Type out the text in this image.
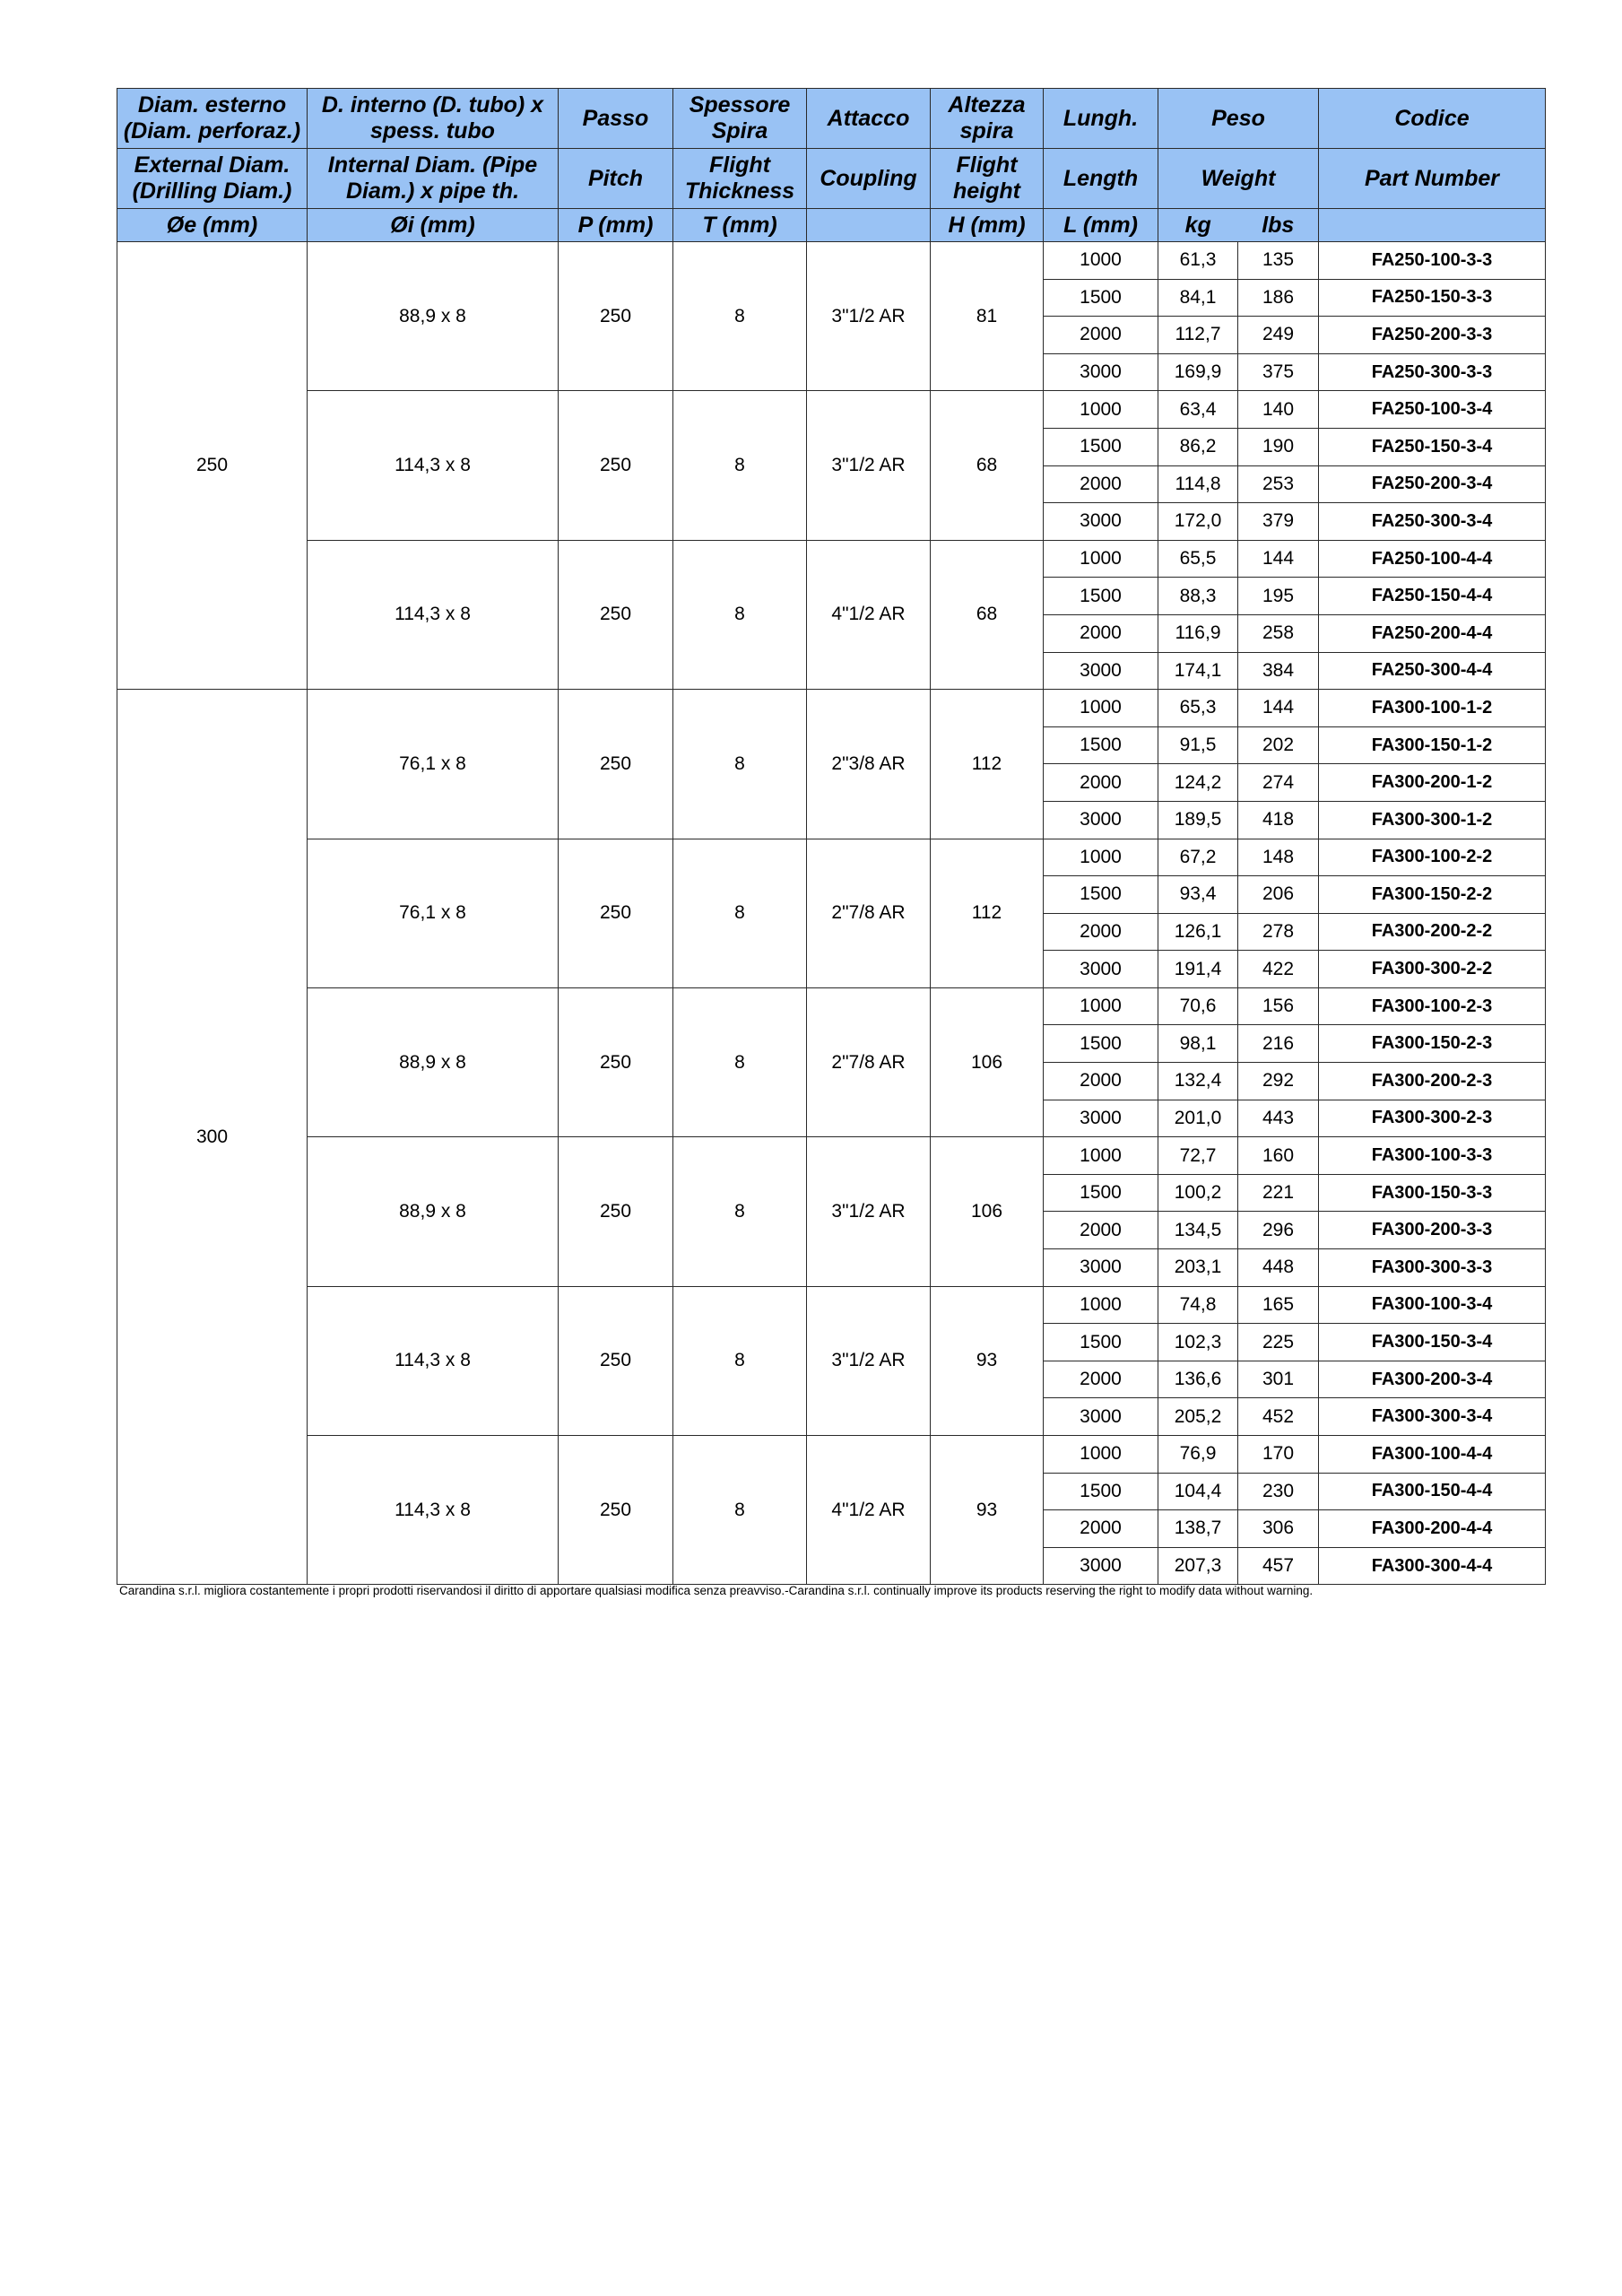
Diam. esterno (Diam. perforaz.)	D. interno (D. tubo) x spess. tubo	Passo	Spessore Spira	Attacco	Altezza spira	Lungh.	Peso		Codice
External Diam. (Drilling Diam.)	Internal Diam. (Pipe Diam.) x pipe th.	Pitch	Flight Thickness	Coupling	Flight height	Length	Weight		Part Number
Øe (mm)	Øi (mm)	P (mm)	T (mm)		H (mm)	L (mm)	kg	lbs	
250	88,9 x 8	250	8	3"1/2 AR	81	1000	61,3	135	FA250-100-3-3
						1500	84,1	186	FA250-150-3-3
						2000	112,7	249	FA250-200-3-3
						3000	169,9	375	FA250-300-3-3
	114,3 x 8	250	8	3"1/2 AR	68	1000	63,4	140	FA250-100-3-4
						1500	86,2	190	FA250-150-3-4
						2000	114,8	253	FA250-200-3-4
						3000	172,0	379	FA250-300-3-4
	114,3 x 8	250	8	4"1/2 AR	68	1000	65,5	144	FA250-100-4-4
						1500	88,3	195	FA250-150-4-4
						2000	116,9	258	FA250-200-4-4
						3000	174,1	384	FA250-300-4-4
300	76,1 x 8	250	8	2"3/8 AR	112	1000	65,3	144	FA300-100-1-2
						1500	91,5	202	FA300-150-1-2
						2000	124,2	274	FA300-200-1-2
						3000	189,5	418	FA300-300-1-2
	76,1 x 8	250	8	2"7/8 AR	112	1000	67,2	148	FA300-100-2-2
						1500	93,4	206	FA300-150-2-2
						2000	126,1	278	FA300-200-2-2
						3000	191,4	422	FA300-300-2-2
	88,9 x 8	250	8	2"7/8 AR	106	1000	70,6	156	FA300-100-2-3
						1500	98,1	216	FA300-150-2-3
						2000	132,4	292	FA300-200-2-3
						3000	201,0	443	FA300-300-2-3
	88,9 x 8	250	8	3"1/2 AR	106	1000	72,7	160	FA300-100-3-3
						1500	100,2	221	FA300-150-3-3
						2000	134,5	296	FA300-200-3-3
						3000	203,1	448	FA300-300-3-3
	114,3 x 8	250	8	3"1/2 AR	93	1000	74,8	165	FA300-100-3-4
						1500	102,3	225	FA300-150-3-4
						2000	136,6	301	FA300-200-3-4
						3000	205,2	452	FA300-300-3-4
	114,3 x 8	250	8	4"1/2 AR	93	1000	76,9	170	FA300-100-4-4
						1500	104,4	230	FA300-150-4-4
						2000	138,7	306	FA300-200-4-4
						3000	207,3	457	FA300-300-4-4
Carandina s.r.l. migliora costantemente i propri prodotti riservandosi il diritto di apportare qualsiasi modifica senza preavviso.-Carandina s.r.l. continually improve its products reserving the right to modify data without warning.
